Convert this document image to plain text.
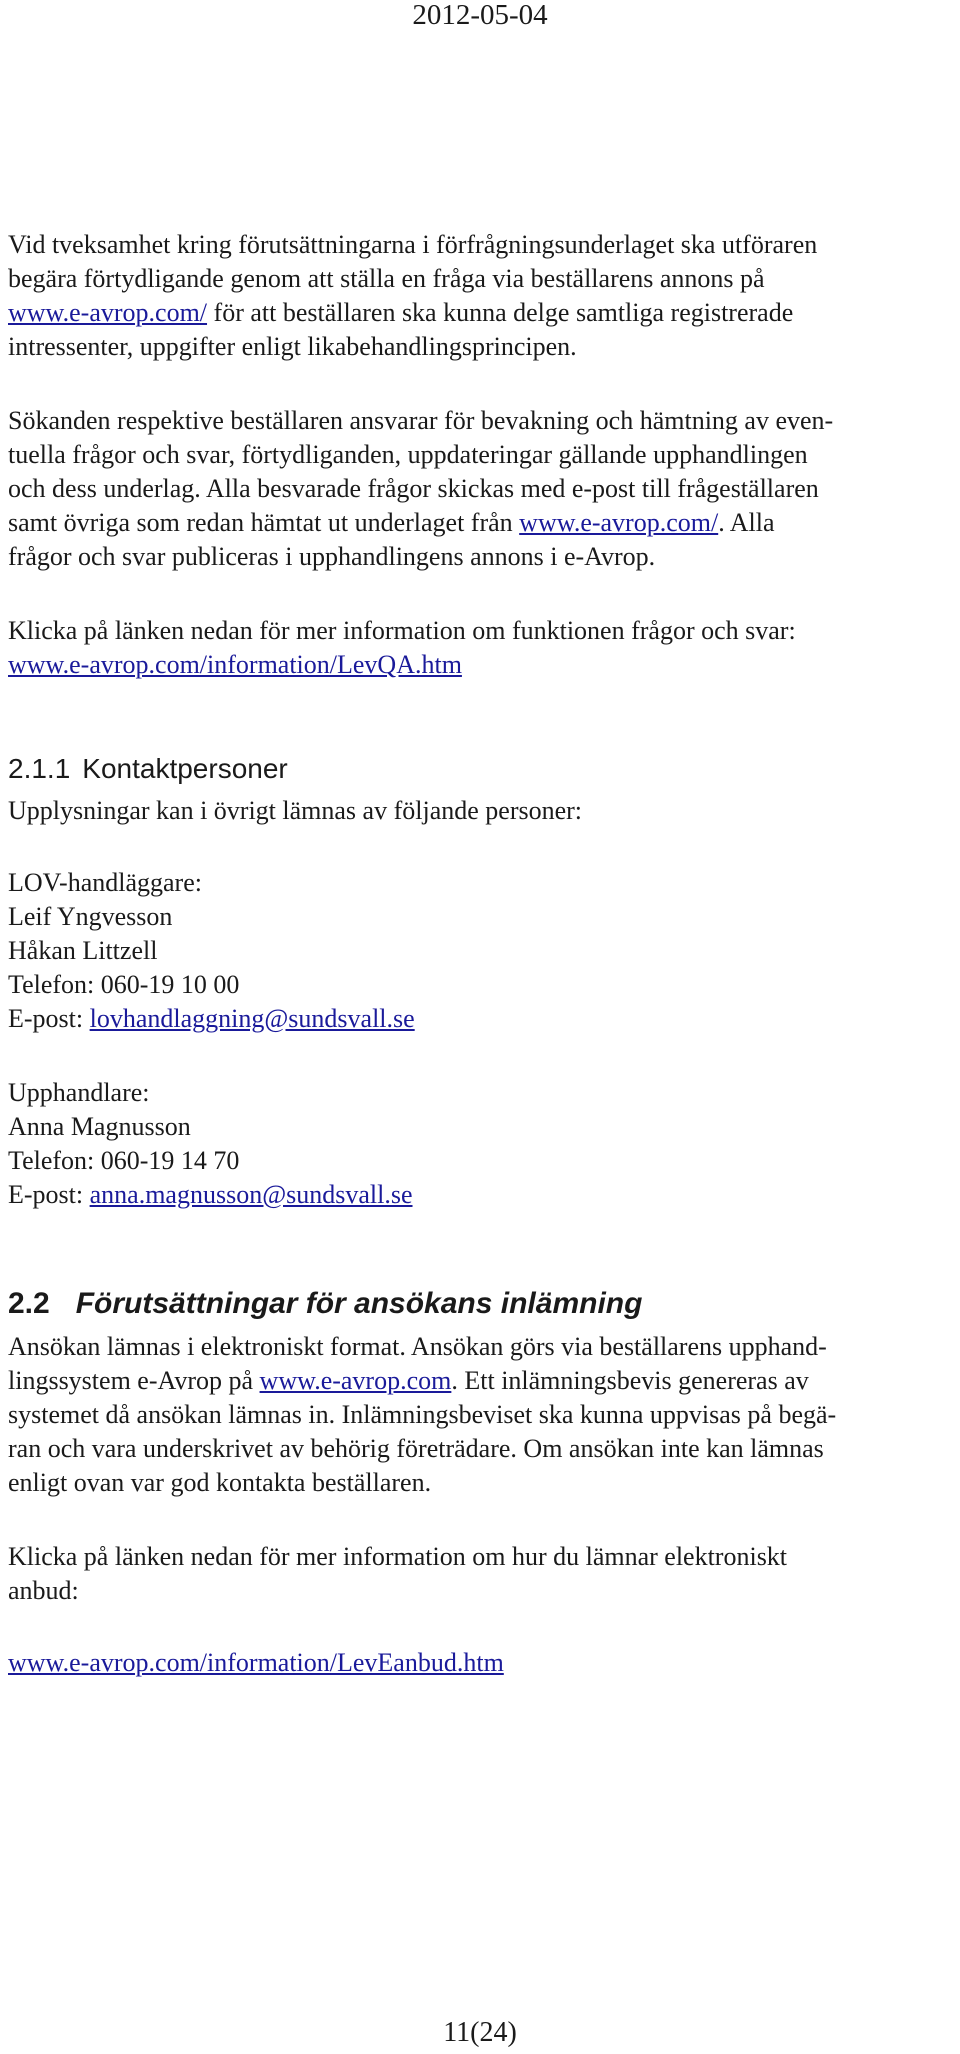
2012-05-04
Vid tveksamhet kring förutsättningarna i förfrågningsunderlaget ska utföraren
begära förtydligande genom att ställa en fråga via beställarens annons på
www.e-avrop.com/ för att beställaren ska kunna delge samtliga registrerade
intressenter, uppgifter enligt likabehandlingsprincipen.
Sökanden respektive beställaren ansvarar för bevakning och hämtning av even-
tuella frågor och svar, förtydliganden, uppdateringar gällande upphandlingen
och dess underlag. Alla besvarade frågor skickas med e-post till frågeställaren
samt övriga som redan hämtat ut underlaget från www.e-avrop.com/. Alla
frågor och svar publiceras i upphandlingens annons i e-Avrop.
Klicka på länken nedan för mer information om funktionen frågor och svar:
www.e-avrop.com/information/LevQA.htm
2.1.1 Kontaktpersoner
Upplysningar kan i övrigt lämnas av följande personer:
LOV-handläggare:
Leif Yngvesson
Håkan Littzell
Telefon: 060-19 10 00
E-post: lovhandlaggning@sundsvall.se
Upphandlare:
Anna Magnusson
Telefon: 060-19 14 70
E-post: anna.magnusson@sundsvall.se
2.2 Förutsättningar för ansökans inlämning
Ansökan lämnas i elektroniskt format. Ansökan görs via beställarens upphand-
lingssystem e-Avrop på www.e-avrop.com. Ett inlämningsbevis genereras av
systemet då ansökan lämnas in. Inlämningsbeviset ska kunna uppvisas på begä-
ran och vara underskrivet av behörig företrädare. Om ansökan inte kan lämnas
enligt ovan var god kontakta beställaren.
Klicka på länken nedan för mer information om hur du lämnar elektroniskt
anbud:
www.e-avrop.com/information/LevEanbud.htm
11(24)
